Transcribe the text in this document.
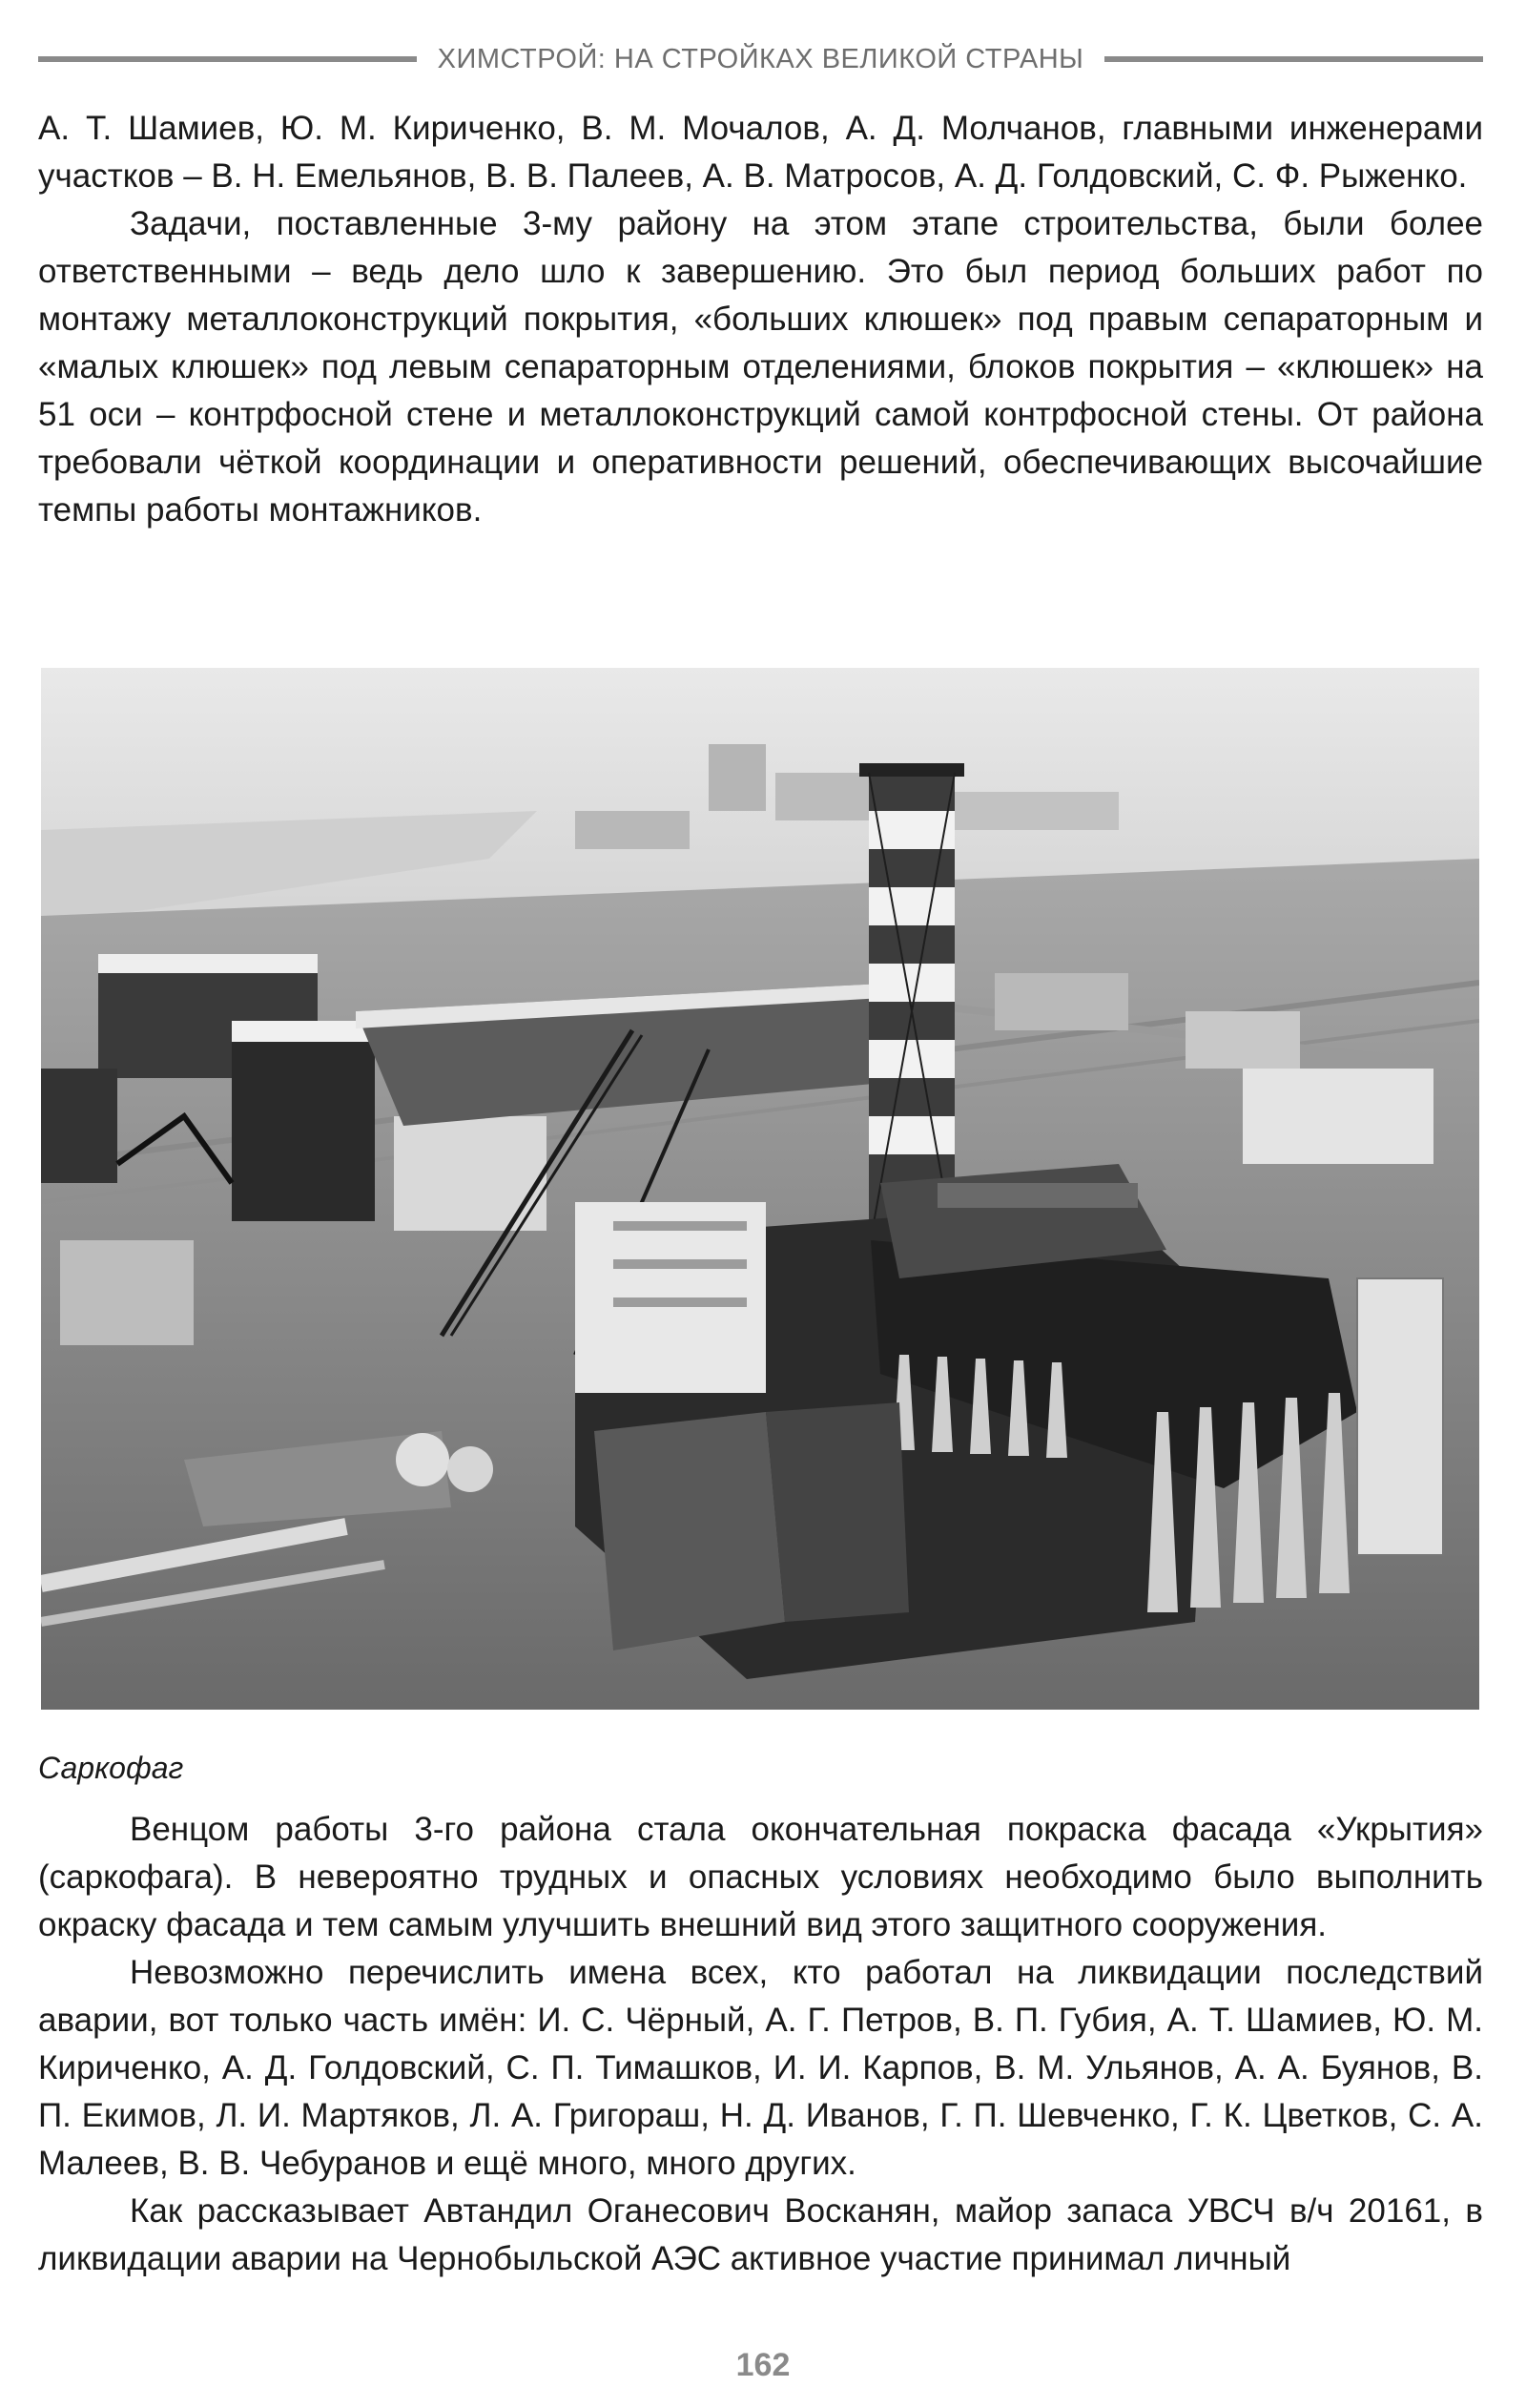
ХИМСТРОЙ: НА СТРОЙКАХ ВЕЛИКОЙ СТРАНЫ

А. Т. Шамиев, Ю. М. Кириченко, В. М. Мочалов, А. Д. Молчанов, главными инженерами участков – В. Н. Емельянов, В. В. Палеев, А. В. Матросов, А. Д. Голдовский, С. Ф. Рыженко.

Задачи, поставленные 3-му району на этом этапе строительства, были более ответственными – ведь дело шло к завершению. Это был период больших работ по монтажу металлоконструкций покрытия, «больших клюшек» под правым сепараторным и «малых клюшек» под левым сепараторным отделениями, блоков покрытия – «клюшек» на 51 оси – контрфосной стене и металлоконструкций самой контрфосной стены. От района требовали чёткой координации и оперативности решений, обеспечивающих высочайшие темпы работы монтажников.

Саркофаг

Венцом работы 3-го района стала окончательная покраска фасада «Укрытия» (саркофага). В невероятно трудных и опасных условиях необходимо было выполнить окраску фасада и тем самым улучшить внешний вид этого защитного сооружения.

Невозможно перечислить имена всех, кто работал на ликвидации последствий аварии, вот только часть имён: И. С. Чёрный, А. Г. Петров, В. П. Губия, А. Т. Шамиев, Ю. М. Кириченко, А. Д. Голдовский, С. П. Тимашков, И. И. Карпов, В. М. Ульянов, А. А. Буянов, В. П. Екимов, Л. И. Мартяков, Л. А. Григораш, Н. Д. Иванов, Г. П. Шевченко, Г. К. Цветков, С. А. Малеев, В. В. Чебуранов и ещё много, много других.

Как рассказывает Автандил Оганесович Восканян, майор запаса УВСЧ в/ч 20161, в ликвидации аварии на Чернобыльской АЭС активное участие принимал личный

162
